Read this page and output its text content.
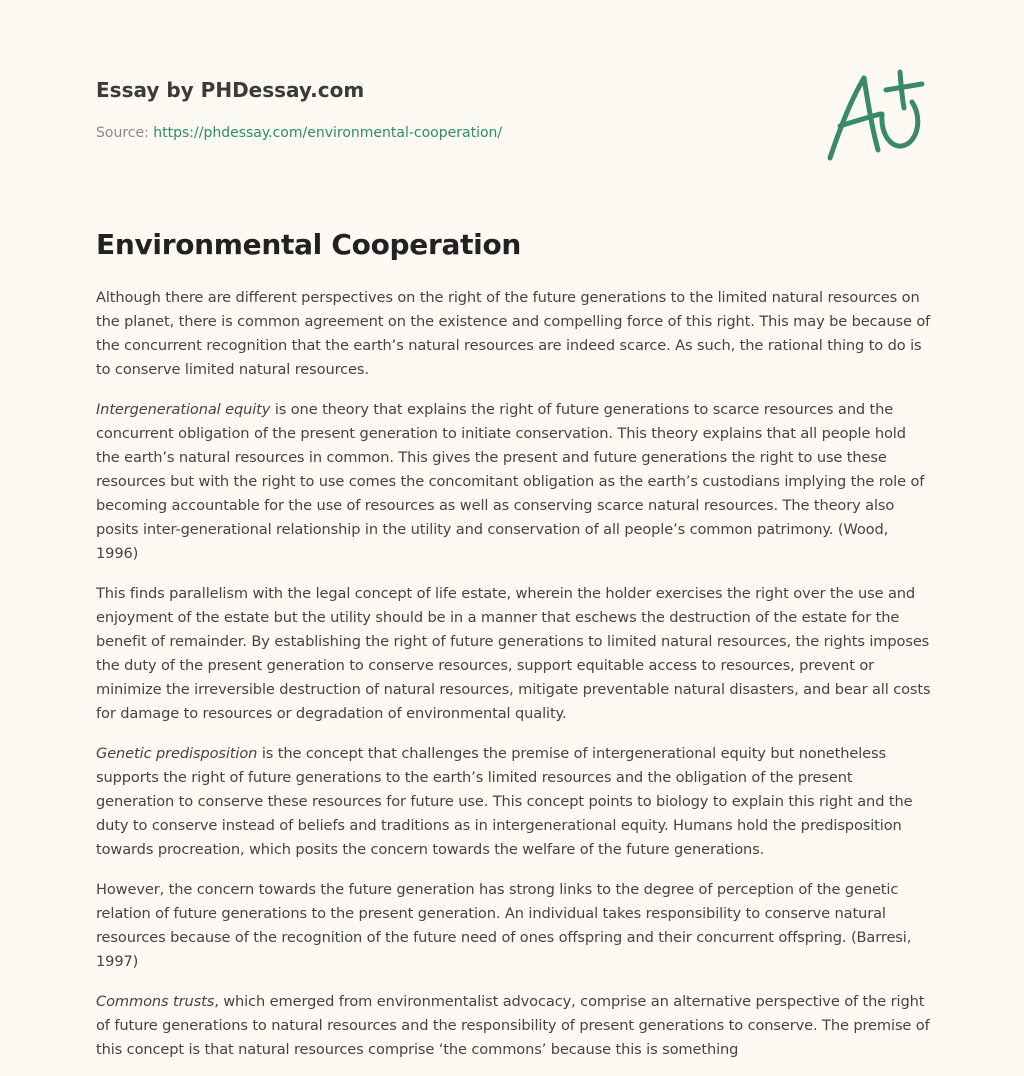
Essay by PHDessay.com
Source: https://phdessay.com/environmental-cooperation/
Environmental Cooperation

Although there are different perspectives on the right of the future generations to the limited natural resources on the planet, there is common agreement on the existence and compelling force of this right. This may be because of the concurrent recognition that the earth’s natural resources are indeed scarce. As such, the rational thing to do is to conserve limited natural resources.

Intergenerational equity is one theory that explains the right of future generations to scarce resources and the concurrent obligation of the present generation to initiate conservation. This theory explains that all people hold the earth’s natural resources in common. This gives the present and future generations the right to use these resources but with the right to use comes the concomitant obligation as the earth’s custodians implying the role of becoming accountable for the use of resources as well as conserving scarce natural resources. The theory also posits inter-generational relationship in the utility and conservation of all people’s common patrimony. (Wood, 1996)

This finds parallelism with the legal concept of life estate, wherein the holder exercises the right over the use and enjoyment of the estate but the utility should be in a manner that eschews the destruction of the estate for the benefit of remainder. By establishing the right of future generations to limited natural resources, the rights imposes the duty of the present generation to conserve resources, support equitable access to resources, prevent or minimize the irreversible destruction of natural resources, mitigate preventable natural disasters, and bear all costs for damage to resources or degradation of environmental quality.

Genetic predisposition is the concept that challenges the premise of intergenerational equity but nonetheless supports the right of future generations to the earth’s limited resources and the obligation of the present generation to conserve these resources for future use. This concept points to biology to explain this right and the duty to conserve instead of beliefs and traditions as in intergenerational equity. Humans hold the predisposition towards procreation, which posits the concern towards the welfare of the future generations.

However, the concern towards the future generation has strong links to the degree of perception of the genetic relation of future generations to the present generation. An individual takes responsibility to conserve natural resources because of the recognition of the future need of ones offspring and their concurrent offspring. (Barresi, 1997)

Commons trusts, which emerged from environmentalist advocacy, comprise an alternative perspective of the right of future generations to natural resources and the responsibility of present generations to conserve. The premise of this concept is that natural resources comprise ‘the commons’ because this is something
